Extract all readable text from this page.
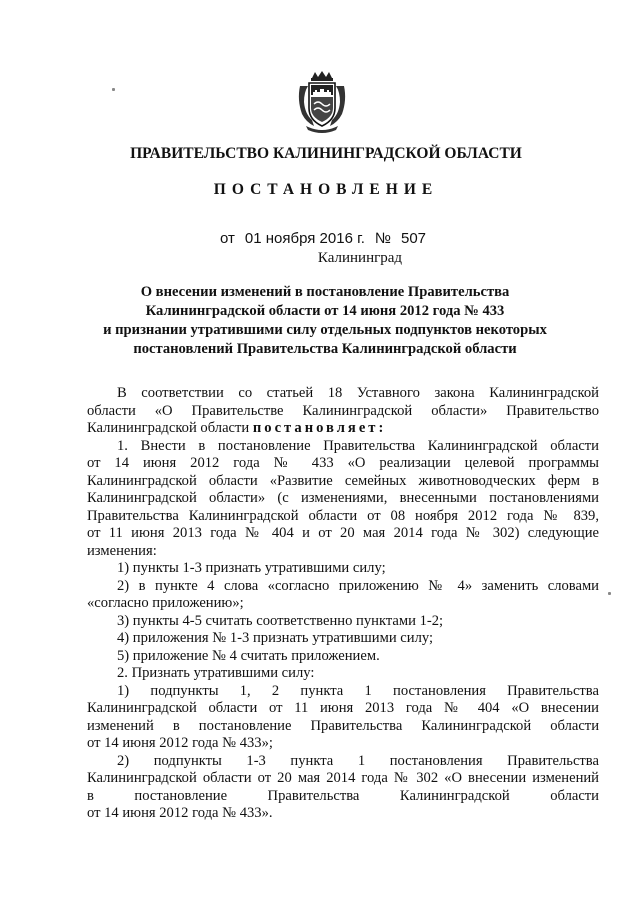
ПРАВИТЕЛЬСТВО КАЛИНИНГРАДСКОЙ ОБЛАСТИ
ПОСТАНОВЛЕНИЕ
от 01 ноября 2016 г. № 507
Калининград
О внесении изменений в постановление Правительства
Калининградской области от 14 июня 2012 года № 433
и признании утратившими силу отдельных подпунктов некоторых
постановлений Правительства Калининградской области
В соответствии со статьей 18 Уставного закона Калининградской
области «О Правительстве Калининградской области» Правительство
Калининградской области постановляет:
1. Внести в постановление Правительства Калининградской области
от 14 июня 2012 года № 433 «О реализации целевой программы
Калининградской области «Развитие семейных животноводческих ферм в
Калининградской области» (с изменениями, внесенными постановлениями
Правительства Калининградской области от 08 ноября 2012 года № 839,
от 11 июня 2013 года № 404 и от 20 мая 2014 года № 302) следующие
изменения:
1) пункты 1-3 признать утратившими силу;
2) в пункте 4 слова «согласно приложению № 4» заменить словами
«согласно приложению»;
3) пункты 4-5 считать соответственно пунктами 1-2;
4) приложения № 1-3 признать утратившими силу;
5) приложение № 4 считать приложением.
2. Признать утратившими силу:
1) подпункты 1, 2 пункта 1 постановления Правительства
Калининградской области от 11 июня 2013 года № 404 «О внесении
изменений в постановление Правительства Калининградской области
от 14 июня 2012 года № 433»;
2) подпункты 1-3 пункта 1 постановления Правительства
Калининградской области от 20 мая 2014 года № 302 «О внесении изменений
в постановление Правительства Калининградской области
от 14 июня 2012 года № 433».
